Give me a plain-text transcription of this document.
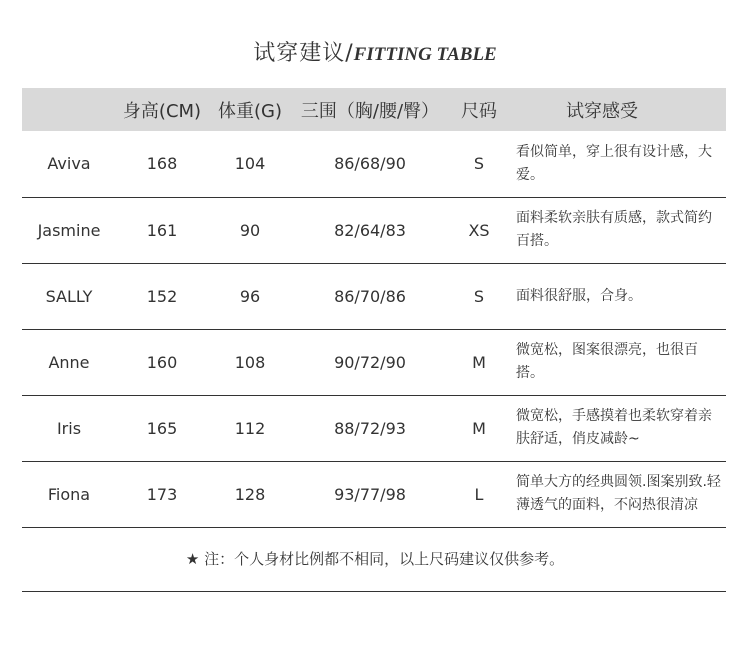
试穿建议/FITTING TABLE
	身高(CM)	体重(G)	三围（胸/腰/臀）	尺码	试穿感受
Aviva	168	104	86/68/90	S	看似简单，穿上很有设计感，大爱。
Jasmine	161	90	82/64/83	XS	面料柔软亲肤有质感，款式简约百搭。
SALLY	152	96	86/70/86	S	面料很舒服，合身。
Anne	160	108	90/72/90	M	微宽松，图案很漂亮，也很百搭。
Iris	165	112	88/72/93	M	微宽松，手感摸着也柔软穿着亲肤舒适，俏皮减龄~
Fiona	173	128	93/77/98	L	简单大方的经典圆领.图案别致.轻薄透气的面料，不闷热很清凉
★ 注：个人身材比例都不相同，以上尺码建议仅供参考。
